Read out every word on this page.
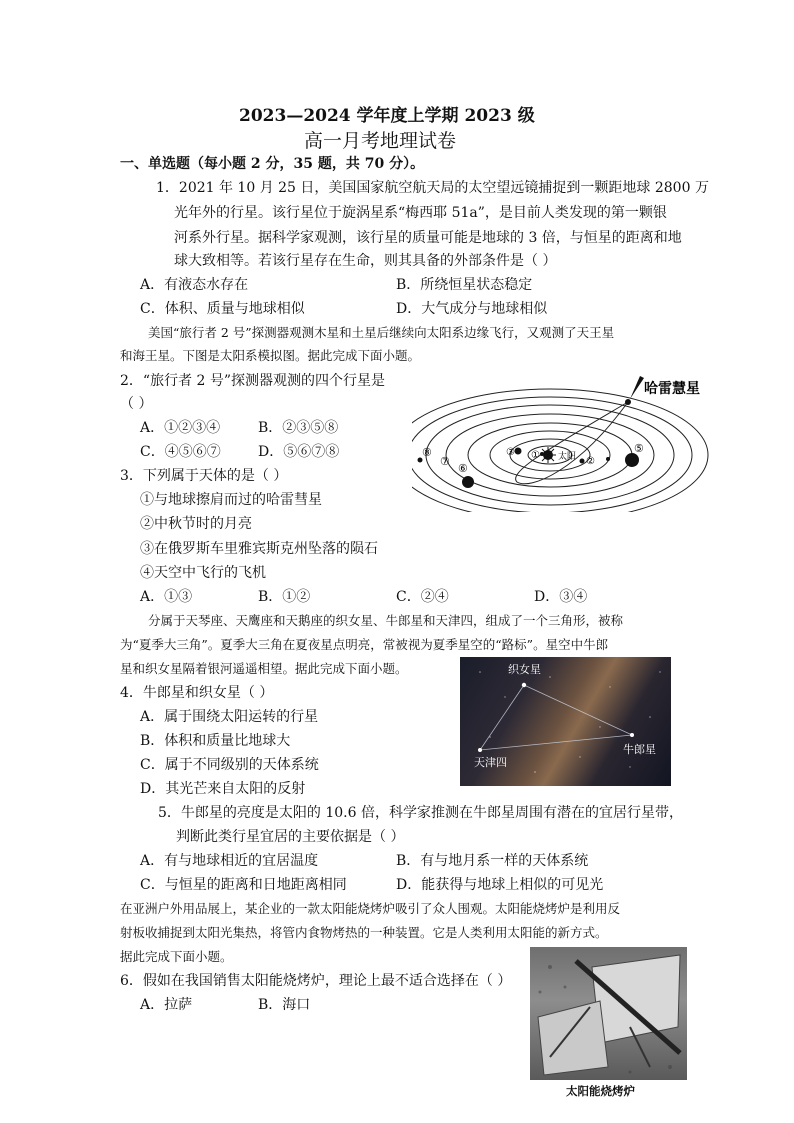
2023—2024 学年度上学期 2023 级
高一月考地理试卷
一、单选题（每小题 2 分，35 题，共 70 分）。
1．2021 年 10 月 25 日，美国国家航空航天局的太空望远镜捕捉到一颗距地球 2800 万
光年外的行星。该行星位于旋涡星系“梅西耶 51a”，是目前人类发现的第一颗银
河系外行星。据科学家观测，该行星的质量可能是地球的 3 倍，与恒星的距离和地
球大致相等。若该行星存在生命，则其具备的外部条件是（ ）
A．有液态水存在	B．所绕恒星状态稳定
C．体积、质量与地球相似	D．大气成分与地球相似
美国“旅行者 2 号”探测器观测木星和土星后继续向太阳系边缘飞行，又观测了天王星
和海王星。下图是太阳系模拟图。据此完成下面小题。
2．“旅行者 2 号”探测器观测的四个行星是
（ ）
A．①②③④	B．②③⑤⑧
C．④⑤⑥⑦	D．⑤⑥⑦⑧	太阳
①
②
③	⑤
⑥
⑦
⑧
哈雷慧星
3．下列属于天体的是（ ）
①与地球擦肩而过的哈雷彗星
②中秋节时的月亮
③在俄罗斯车里雅宾斯克州坠落的陨石
④天空中飞行的飞机
A．①③	B．①②	C．②④	D．③④
分属于天琴座、天鹰座和天鹅座的织女星、牛郎星和天津四，组成了一个三角形，被称
为“夏季大三角”。夏季大三角在夏夜星点明亮，常被视为夏季星空的“路标”。星空中牛郎
星和织女星隔着银河遥遥相望。据此完成下面小题。	织女星
牛郎星
天津四
4．牛郎星和织女星（ ）
A．属于围绕太阳运转的行星
B．体积和质量比地球大
C．属于不同级别的天体系统
D．其光芒来自太阳的反射
5．牛郎星的亮度是太阳的 10.6 倍，科学家推测在牛郎星周围有潜在的宜居行星带，
判断此类行星宜居的主要依据是（ ）
A．有与地球相近的宜居温度	B．有与地月系一样的天体系统
C．与恒星的距离和日地距离相同	D．能获得与地球上相似的可见光
在亚洲户外用品展上，某企业的一款太阳能烧烤炉吸引了众人围观。太阳能烧烤炉是利用反
射板收捕捉到太阳光集热，将管内食物烤热的一种装置。它是人类利用太阳能的新方式。
据此完成下面小题。
6．假如在我国销售太阳能烧烤炉，理论上最不适合选择在（ ）
A．拉萨	B．海口
太阳能烧烤炉
